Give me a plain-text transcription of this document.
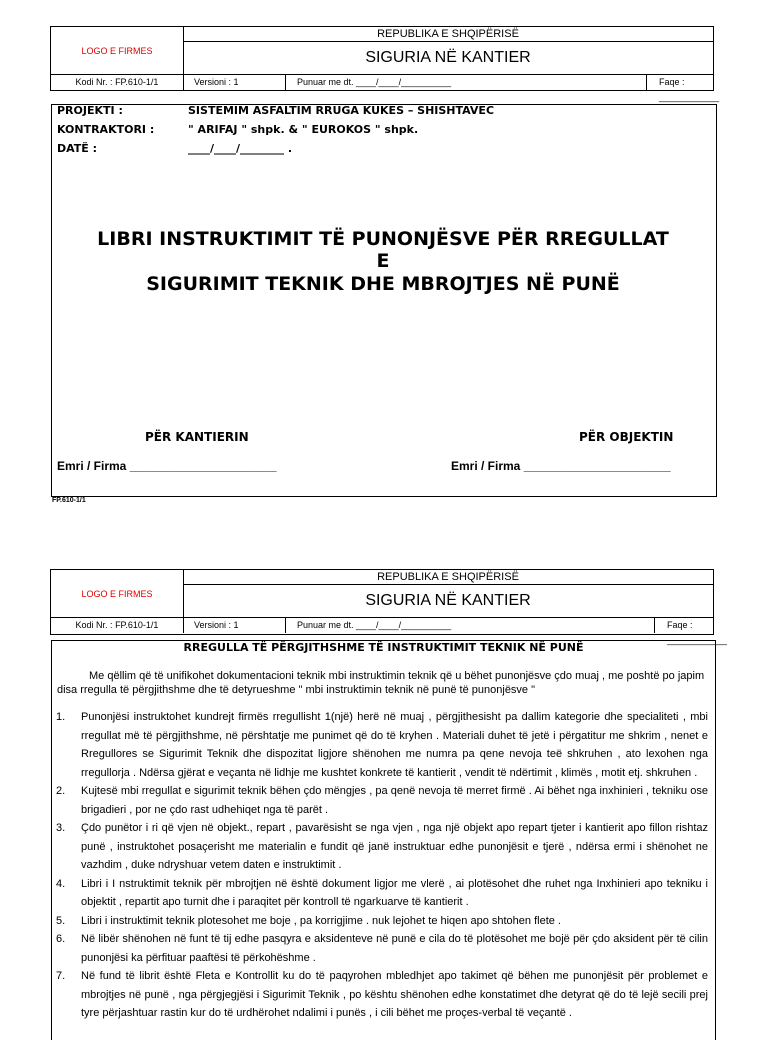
LOGO E FIRMES
REPUBLIKA E SHQIPËRISË
SIGURIA NË KANTIER
Kodi Nr. : FP.610-1/1	Versioni : 1	Punuar me dt. ____/____/__________	Faqe : ____________
PROJEKTI :	SISTEMIM ASFALTIM RRUGA KUKES – SHISHTAVEC
KONTRAKTORI :	" ARIFAJ " shpk. & " EUROKOS " shpk.
DATË :	____/____/________ .
LIBRI INSTRUKTIMIT TË PUNONJËSVE PËR RREGULLAT
E
SIGURIMIT TEKNIK DHE MBROJTJES NË PUNË
PËR KANTIERIN	PËR OBJEKTIN
Emri / Firma ______________________	Emri / Firma ______________________
FP.610-1/1
LOGO E FIRMES
REPUBLIKA E SHQIPËRISË
SIGURIA NË KANTIER
Kodi Nr. : FP.610-1/1	Versioni : 1	Punuar me dt. ____/____/__________	Faqe : ____________
RREGULLA TË PËRGJITHSHME TË INSTRUKTIMIT TEKNIK NË PUNË
Me qëllim që të unifikohet dokumentacioni teknik mbi instruktimin teknik që u bëhet punonjësve çdo muaj , me poshtë po japim disa rregulla të përgjithshme dhe të detyrueshme " mbi instruktimin teknik në punë të punonjësve "
1. Punonjësi instruktohet kundrejt firmës rregullisht 1(një) herë në muaj , përgjithesisht pa dallim kategorie dhe specialiteti , mbi rregullat më të përgjithshme, në përshtatje me punimet që do të kryhen . Materiali duhet të jetë i përgatitur me shkrim , nenet e Rregullores se Sigurimit Teknik dhe dispozitat ligjore shënohen me numra pa qene nevoja teë shkruhen , ato lexohen nga rregullorja . Ndërsa gjërat e veçanta në lidhje me kushtet konkrete të kantierit , vendit të ndërtimit , klimës , motit etj. shkruhen .
2. Kujtesë mbi rregullat e sigurimit teknik bëhen çdo mëngjes , pa qenë nevoja të merret firmë . Ai bëhet nga inxhinieri , tekniku ose brigadieri , por ne çdo rast udhehiqet nga të parët .
3. Çdo punëtor i ri që vjen në objekt., repart , pavarësisht se nga vjen , nga një objekt apo repart tjeter i kantierit apo fillon rishtaz punë , instruktohet posaçerisht me materialin e fundit që janë instruktuar edhe punonjësit e tjerë , ndërsa ermi i shënohet ne vazhdim , duke ndryshuar vetem daten e instruktimit .
4. Libri i I nstruktimit teknik për mbrojtjen në është dokument ligjor me vlerë , ai plotësohet dhe ruhet nga Inxhinieri apo tekniku i objektit , repartit apo turnit dhe i paraqitet për kontroll të ngarkuarve të kantierit .
5. Libri i instruktimit teknik plotesohet me boje , pa korrigjime . nuk lejohet te hiqen apo shtohen flete .
6. Në libër shënohen në funt të tij edhe pasqyra e aksidenteve në punë e cila do të plotësohet me bojë për çdo aksident për të cilin punonjësi ka përfituar paaftësi të përkohëshme .
7. Në fund të librit është Fleta e Kontrollit ku do të paqyrohen mbledhjet apo takimet që bëhen me punonjësit për problemet e mbrojtjes në punë , nga përgjegjësi i Sigurimit Teknik , po kështu shënohen edhe konstatimet dhe detyrat që do të lejë secili prej tyre përjashtuar rastin kur do të urdhërohet ndalimi i punës , i cili bëhet me proçes-verbal të veçantë .
